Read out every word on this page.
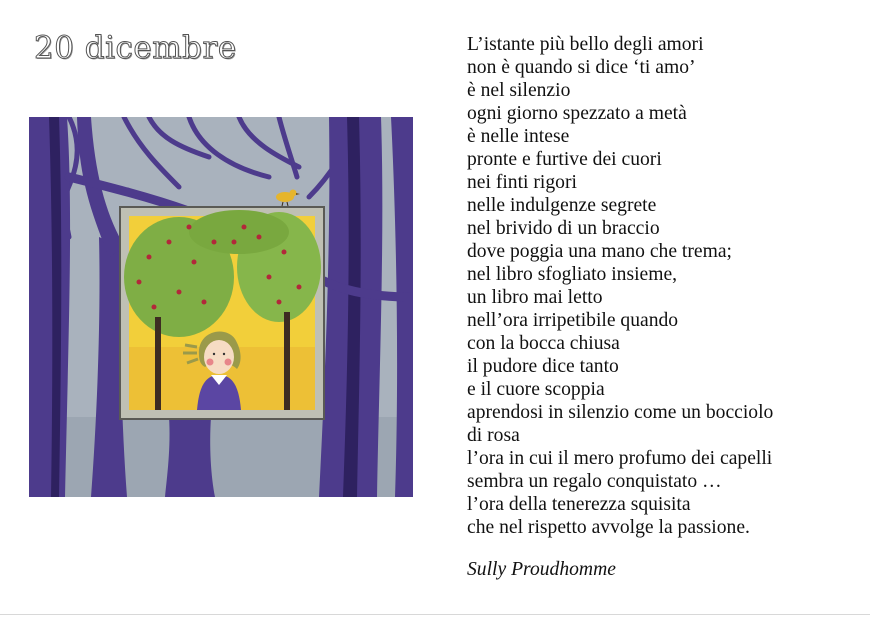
20 dicembre	L’istante più bello degli amori
non è quando si dice ‘ti amo’
è nel silenzio
ogni giorno spezzato a metà
è nelle intese
pronte e furtive dei cuori
nei finti rigori
nelle indulgenze segrete
nel brivido di un braccio
dove poggia una mano che trema;
nel libro sfogliato insieme,
un libro mai letto
nell’ora irripetibile quando
con la bocca chiusa
il pudore dice tanto
e il cuore scoppia
aprendosi in silenzio come un bocciolo
di rosa
l’ora in cui il mero profumo dei capelli
sembra un regalo conquistato …
l’ora della tenerezza squisita
che nel rispetto avvolge la passione.
Sully Proudhomme
